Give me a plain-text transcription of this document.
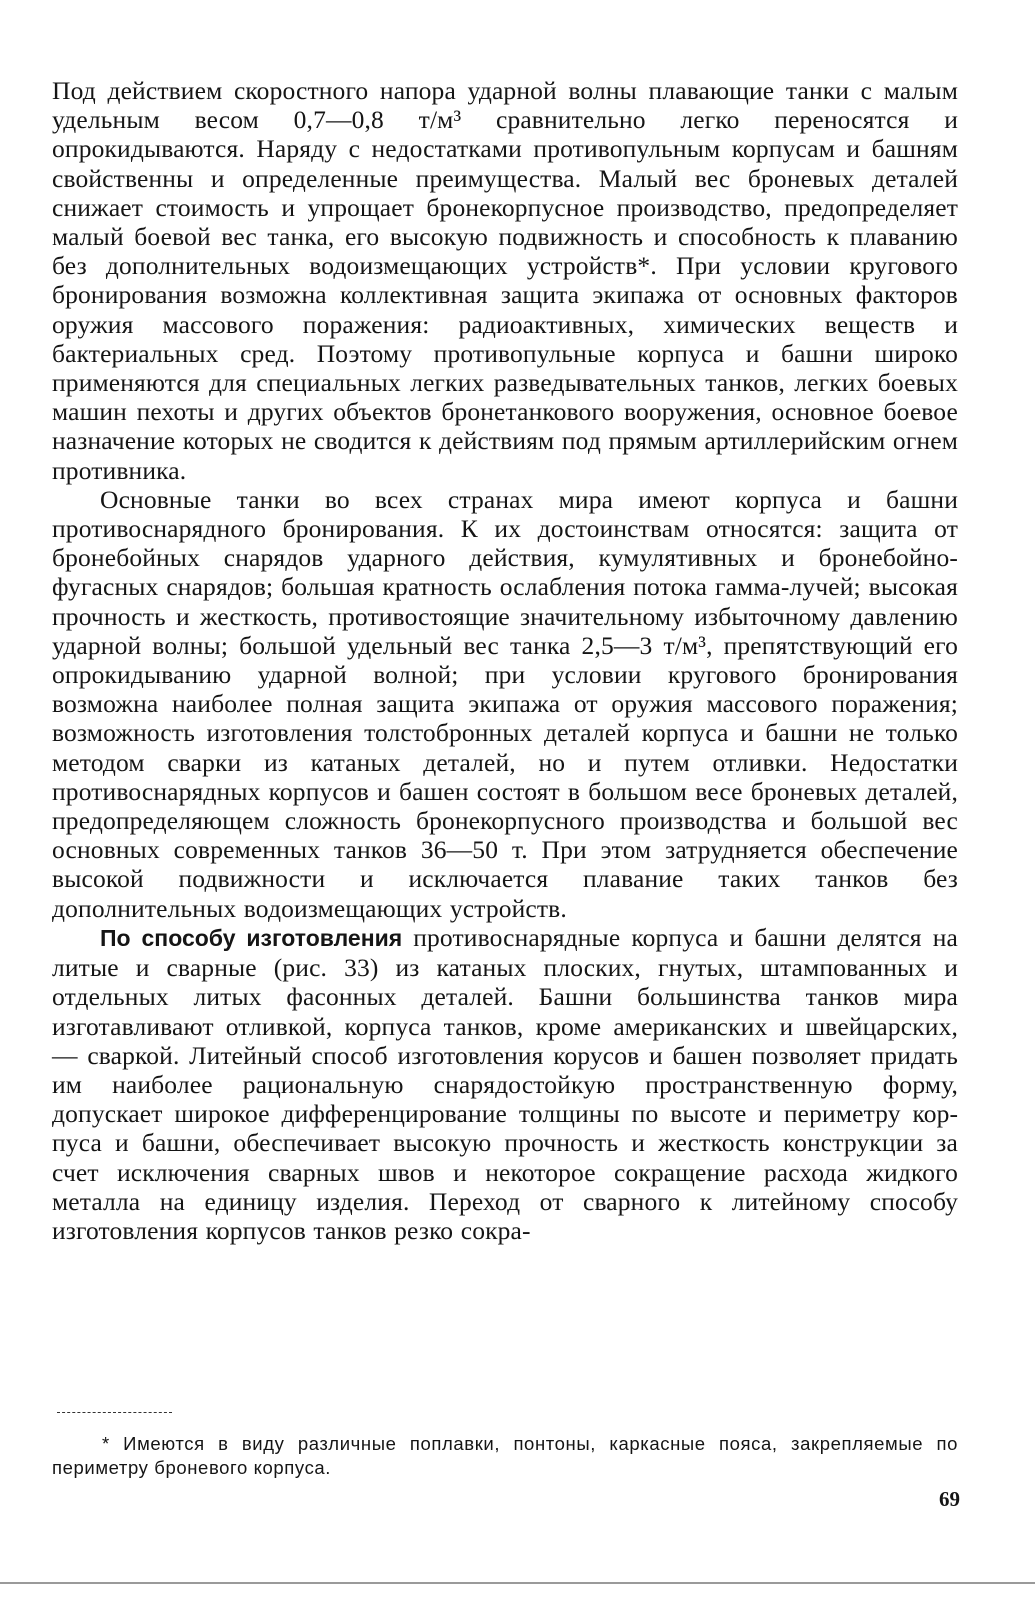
Под действием скоростного напора ударной волны плавающие танки с малым удельным весом 0,7—0,8 т/м³ сравнительно легко переносятся и опрокидываются. Наряду с недостатками противопульным корпусам и башням свойственны и определенные преимущества. Малый вес броневых деталей снижает стоимость и упрощает бронекорпусное производство, предопределяет малый боевой вес танка, его высокую подвижность и способность к плаванию без дополнительных водоизмещающих устройств*. При условии кругового бронирования возможна коллективная защита экипажа от основных факторов оружия массового поражения: радиоактивных, химических веществ и бактериальных сред. Поэтому противопульные корпуса и башни широко применяются для специальных легких разведывательных танков, легких боевых машин пехоты и других объектов бронетанкового вооружения, основное боевое назначение которых не сводится к действиям под прямым артиллерийским огнем противника.

Основные танки во всех странах мира имеют корпуса и башни противоснарядного бронирования. К их достоинствам относятся: защита от бронебойных снарядов ударного действия, кумулятивных и бронебойно-фугасных снарядов; большая кратность ослабления потока гамма-лучей; высокая прочность и жесткость, противостоящие значительному избыточному давлению ударной волны; большой удельный вес танка 2,5—3 т/м³, препятствующий его опрокидыванию ударной волной; при условии кругового бронирования возможна наиболее полная защита экипажа от оружия массового поражения; возможность изготовления толстобронных деталей корпуса и башни не только методом сварки из катаных деталей, но и путем отливки. Недостатки противоснарядных корпусов и башен состоят в большом весе броневых деталей, предопределяющем сложность бронекорпусного производства и большой вес основных современных танков 36—50 т. При этом затрудняется обеспечение высокой подвижности и исключается плавание таких танков без дополнительных водоизмещающих устройств.

По способу изготовления противоснарядные корпуса и башни делятся на литые и сварные (рис. 33) из катаных плоских, гнутых, штампованных и отдельных литых фасонных деталей. Башни большинства танков мира изготавливают отливкой, корпуса танков, кроме американских и швейцарских, — сваркой. Литейный способ изготовления корусов и башен позволяет придать им наиболее рациональную снарядостойкую пространственную форму, допускает широкое дифференцирование толщины по высоте и периметру корпуса и башни, обеспечивает высокую прочность и жесткость конструкции за счет исключения сварных швов и некоторое сокращение расхода жидкого металла на единицу изделия. Переход от сварного к литейному способу изготовления корпусов танков резко сокра-

* Имеются в виду различные поплавки, понтоны, каркасные пояса, закрепляемые по периметру броневого корпуса.

69
